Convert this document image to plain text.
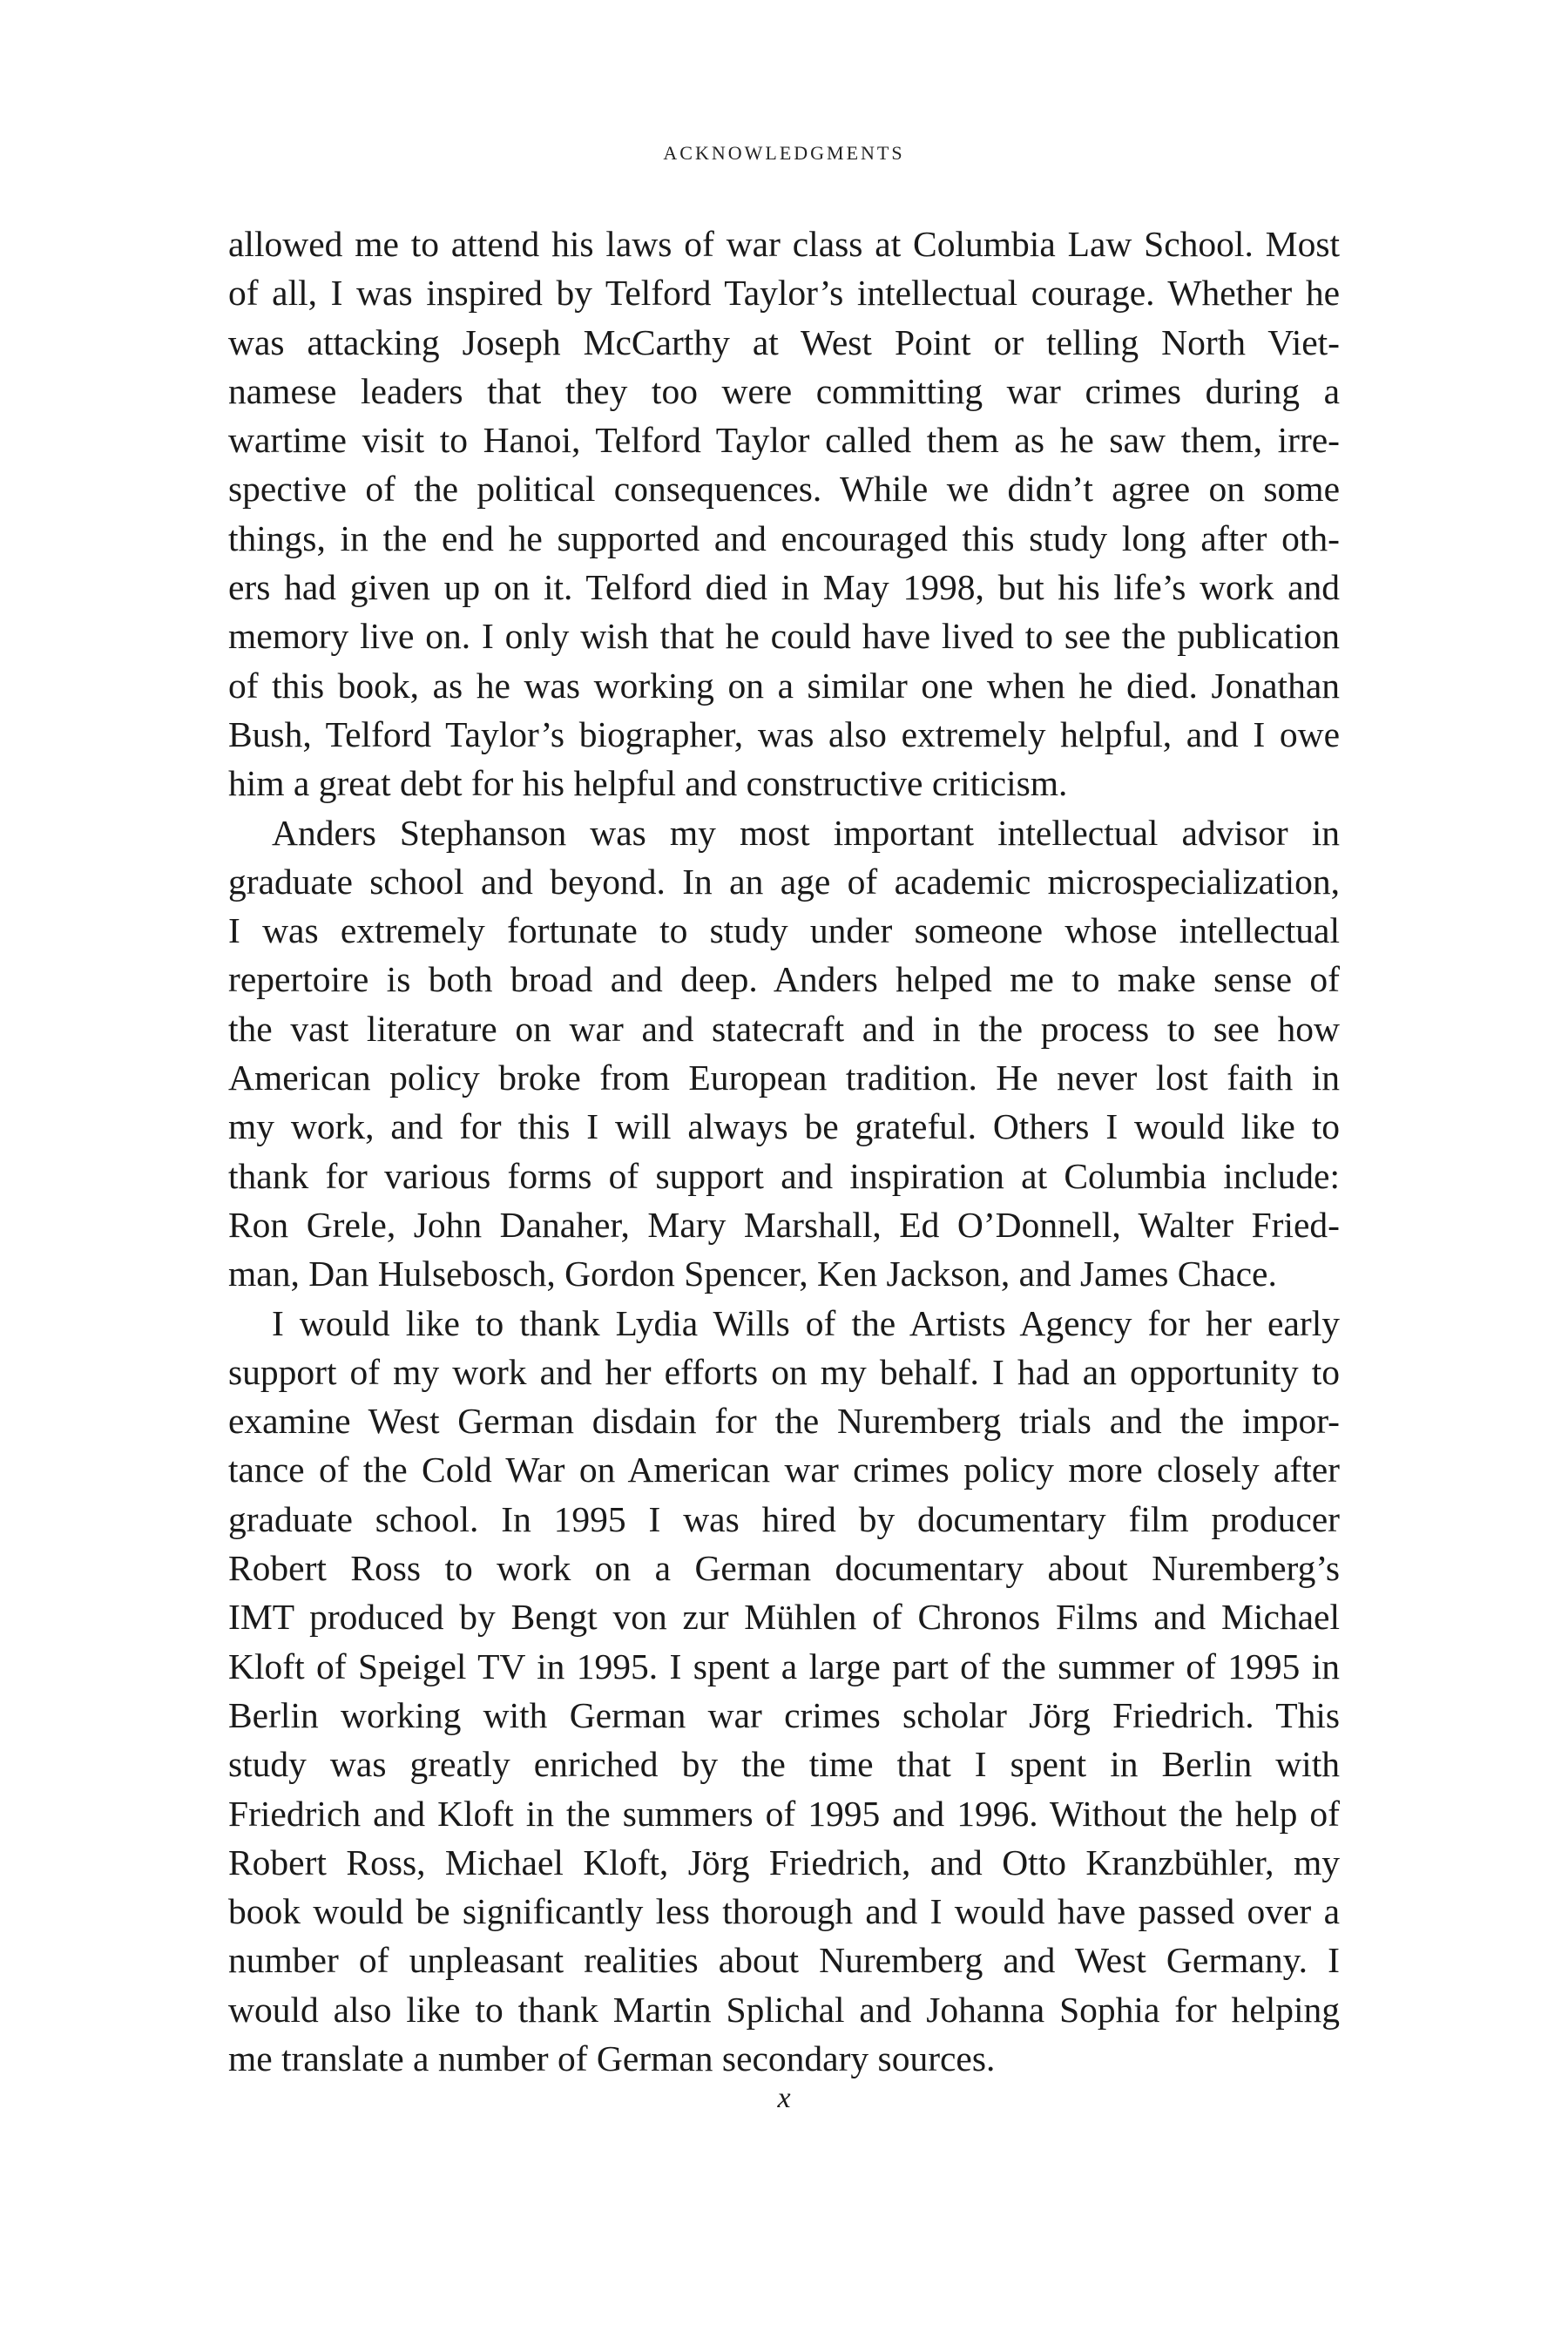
ACKNOWLEDGMENTS
allowed me to attend his laws of war class at Columbia Law School. Most
of all, I was inspired by Telford Taylor’s intellectual courage. Whether he
was attacking Joseph McCarthy at West Point or telling North Viet-
namese leaders that they too were committing war crimes during a
wartime visit to Hanoi, Telford Taylor called them as he saw them, irre-
spective of the political consequences. While we didn’t agree on some
things, in the end he supported and encouraged this study long after oth-
ers had given up on it. Telford died in May 1998, but his life’s work and
memory live on. I only wish that he could have lived to see the publication
of this book, as he was working on a similar one when he died. Jonathan
Bush, Telford Taylor’s biographer, was also extremely helpful, and I owe
him a great debt for his helpful and constructive criticism.
Anders Stephanson was my most important intellectual advisor in
graduate school and beyond. In an age of academic microspecialization,
I was extremely fortunate to study under someone whose intellectual
repertoire is both broad and deep. Anders helped me to make sense of
the vast literature on war and statecraft and in the process to see how
American policy broke from European tradition. He never lost faith in
my work, and for this I will always be grateful. Others I would like to
thank for various forms of support and inspiration at Columbia include:
Ron Grele, John Danaher, Mary Marshall, Ed O’Donnell, Walter Fried-
man, Dan Hulsebosch, Gordon Spencer, Ken Jackson, and James Chace.
I would like to thank Lydia Wills of the Artists Agency for her early
support of my work and her efforts on my behalf. I had an opportunity to
examine West German disdain for the Nuremberg trials and the impor-
tance of the Cold War on American war crimes policy more closely after
graduate school. In 1995 I was hired by documentary film producer
Robert Ross to work on a German documentary about Nuremberg’s
IMT produced by Bengt von zur Mühlen of Chronos Films and Michael
Kloft of Speigel TV in 1995. I spent a large part of the summer of 1995 in
Berlin working with German war crimes scholar Jörg Friedrich. This
study was greatly enriched by the time that I spent in Berlin with
Friedrich and Kloft in the summers of 1995 and 1996. Without the help of
Robert Ross, Michael Kloft, Jörg Friedrich, and Otto Kranzbühler, my
book would be significantly less thorough and I would have passed over a
number of unpleasant realities about Nuremberg and West Germany. I
would also like to thank Martin Splichal and Johanna Sophia for helping
me translate a number of German secondary sources.
x
